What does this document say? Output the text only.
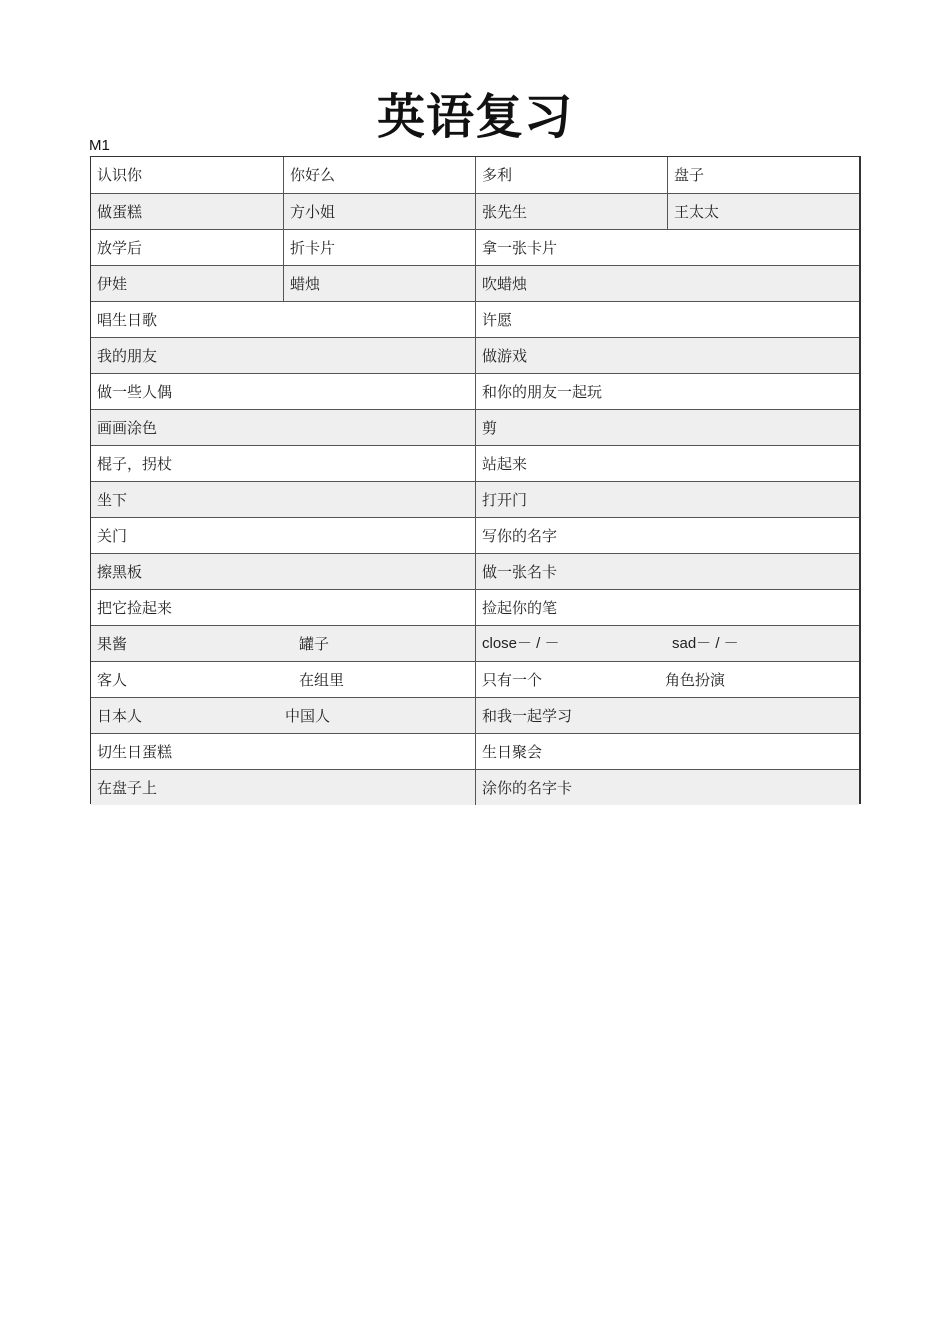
英语复习
M1
认识你	你好么	多利	盘子
做蛋糕	方小姐	张先生	王太太
放学后	折卡片	拿一张卡片
伊娃	蜡烛	吹蜡烛
唱生日歌	许愿
我的朋友	做游戏
做一些人偶	和你的朋友一起玩
画画涂色	剪
棍子，拐杖	站起来
坐下	打开门
关门	写你的名字
擦黑板	做一张名卡
把它捡起来	捡起你的笔
果酱	罐子	close－ / －	sad－ / －
客人	在组里	只有一个	角色扮演
日本人	中国人	和我一起学习
切生日蛋糕	生日聚会
在盘子上	涂你的名字卡
